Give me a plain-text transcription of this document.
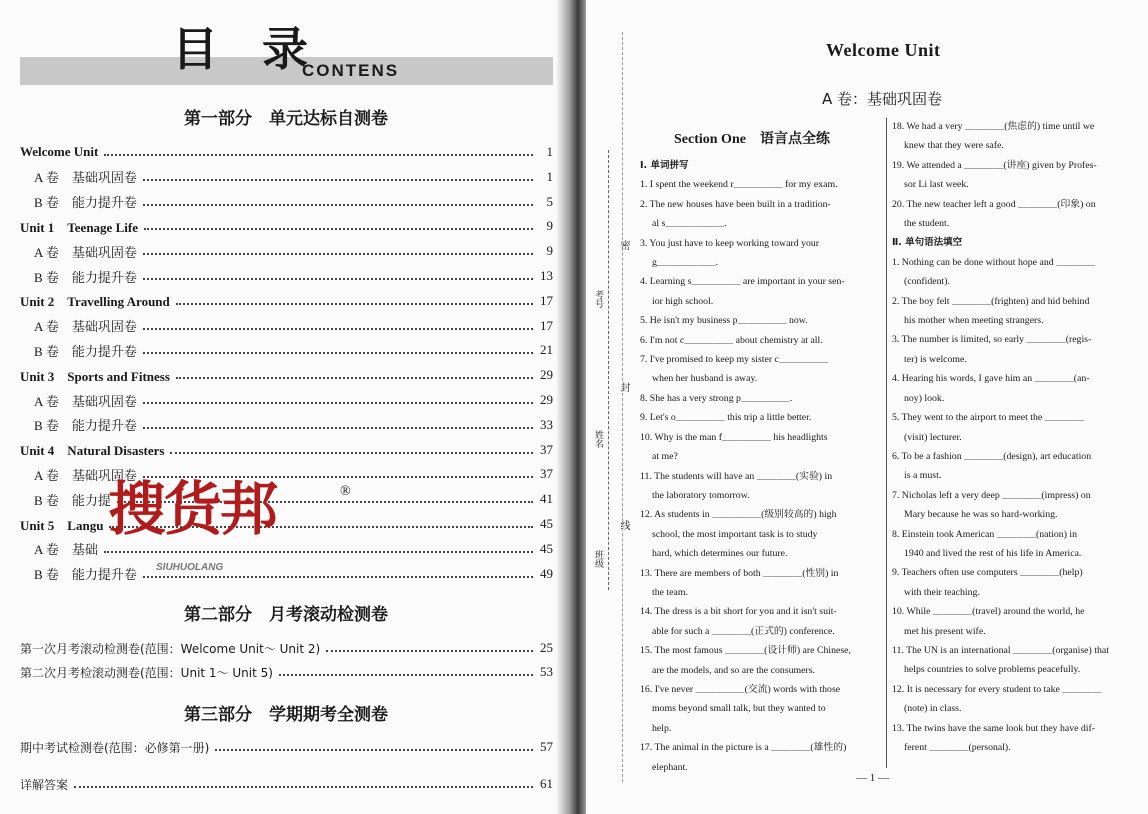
目 录
CONTENS
第一部分　单元达标自测卷
Welcome Unit	1
A 卷　基础巩固卷	1
B 卷　能力提升卷	5
Unit 1　Teenage Life	9
A 卷　基础巩固卷	9
B 卷　能力提升卷	13
Unit 2　Travelling Around	17
A 卷　基础巩固卷	17
B 卷　能力提升卷	21
Unit 3　Sports and Fitness	29
A 卷　基础巩固卷	29
B 卷　能力提升卷	33
Unit 4　Natural Disasters	37
A 卷　基础巩固卷	37
B 卷　能力提	41
Unit 5　Langu	45
A 卷　基础	45
B 卷　能力提升卷	49
第二部分　月考滚动检测卷
第一次月考滚动检测卷(范围：Welcome Unit～ Unit 2)	25
第二次月考检滚动测卷(范围：Unit 1～ Unit 5)	53
第三部分　学期期考全测卷
期中考试检测卷(范围：必修第一册)	57
详解答案	61
搜货邦	®
SIUHUOLANG
密
封
线
考号
姓名
班级
Welcome Unit
A 卷：基础巩固卷
Section One　 语言点全练
Ⅰ. 单词拼写
1. I spent the weekend r＿＿＿＿＿ for my exam.
2. The new houses have been built in a tradition-
al s＿＿＿＿＿＿.
3. You just have to keep working toward your
g＿＿＿＿＿＿.
4. Learning s＿＿＿＿＿ are important in your sen-
ior high school.
5. He isn't my business p＿＿＿＿＿ now.
6. I'm not c＿＿＿＿＿ about chemistry at all.
7. I've promised to keep my sister c＿＿＿＿＿
when her husband is away.
8. She has a very strong p＿＿＿＿＿.
9. Let's o＿＿＿＿＿ this trip a little better.
10. Why is the man f＿＿＿＿＿ his headlights
at me?
11. The students will have an ＿＿＿＿(实验) in
the laboratory tomorrow.
12. As students in ＿＿＿＿＿(级别较高的) high
school, the most important task is to study
hard, which determines our future.
13. There are members of both ＿＿＿＿(性别) in
the team.
14. The dress is a bit short for you and it isn't suit-
able for such a ＿＿＿＿(正式的) conference.
15. The most famous ＿＿＿＿(设计师) are Chinese,
are the models, and so are the consumers.
16. I've never ＿＿＿＿＿(交流) words with those
moms beyond small talk, but they wanted to
help.
17. The animal in the picture is a ＿＿＿＿(雄性的)
elephant.
18. We had a very ＿＿＿＿(焦虑的) time until we
knew that they were safe.
19. We attended a ＿＿＿＿(讲座) given by Profes-
sor Li last week.
20. The new teacher left a good ＿＿＿＿(印象) on
the student.
Ⅱ. 单句语法填空
1. Nothing can be done without hope and ＿＿＿＿
(confident).
2. The boy felt ＿＿＿＿(frighten) and hid behind
his mother when meeting strangers.
3. The number is limited, so early ＿＿＿＿(regis-
ter) is welcome.
4. Hearing his words, I gave him an ＿＿＿＿(an-
noy) look.
5. They went to the airport to meet the ＿＿＿＿
(visit) lecturer.
6. To be a fashion ＿＿＿＿(design), art education
is a must.
7. Nicholas left a very deep ＿＿＿＿(impress) on
Mary because he was so hard-working.
8. Einstein took American ＿＿＿＿(nation) in
1940 and lived the rest of his life in America.
9. Teachers often use computers ＿＿＿＿(help)
with their teaching.
10. While ＿＿＿＿(travel) around the world, he
met his present wife.
11. The UN is an international ＿＿＿＿(organise) that
helps countries to solve problems peacefully.
12. It is necessary for every student to take ＿＿＿＿
(note) in class.
13. The twins have the same look but they have dif-
ferent ＿＿＿＿(personal).
— 1 —
